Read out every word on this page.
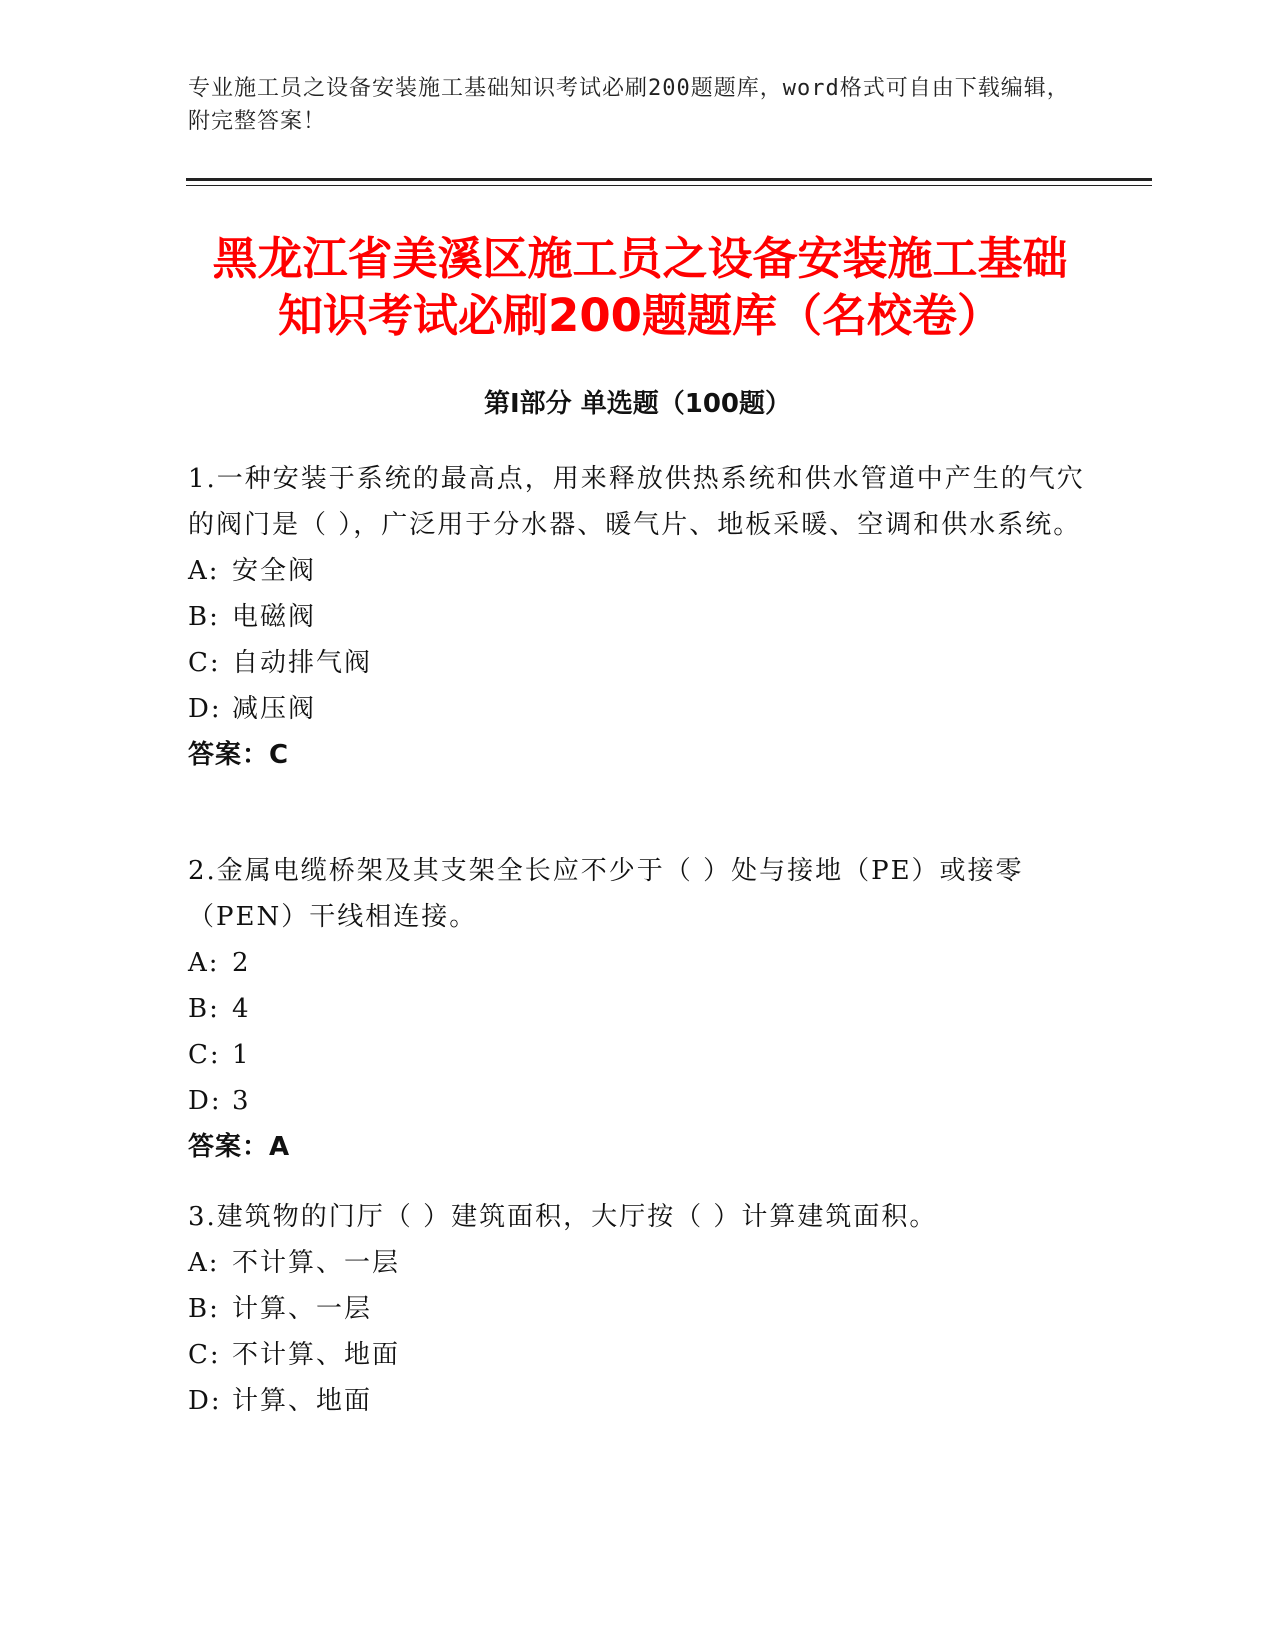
专业施工员之设备安装施工基础知识考试必刷200题题库，word格式可自由下载编辑，附完整答案！
黑龙江省美溪区施工员之设备安装施工基础
知识考试必刷200题题库（名校卷）
第Ⅰ部分 单选题（100题）

1.一种安装于系统的最高点，用来释放供热系统和供水管道中产生的气穴的阀门是（ ），广泛用于分水器、暖气片、地板采暖、空调和供水系统。

A: 安全阀

B: 电磁阀

C: 自动排气阀

D: 减压阀

答案：C

2.金属电缆桥架及其支架全长应不少于（ ）处与接地（PE）或接零（PEN）干线相连接。

A: 2

B: 4

C: 1

D: 3

答案：A

3.建筑物的门厅（ ）建筑面积，大厅按（ ）计算建筑面积。

A: 不计算、一层

B: 计算、一层

C: 不计算、地面

D: 计算、地面
